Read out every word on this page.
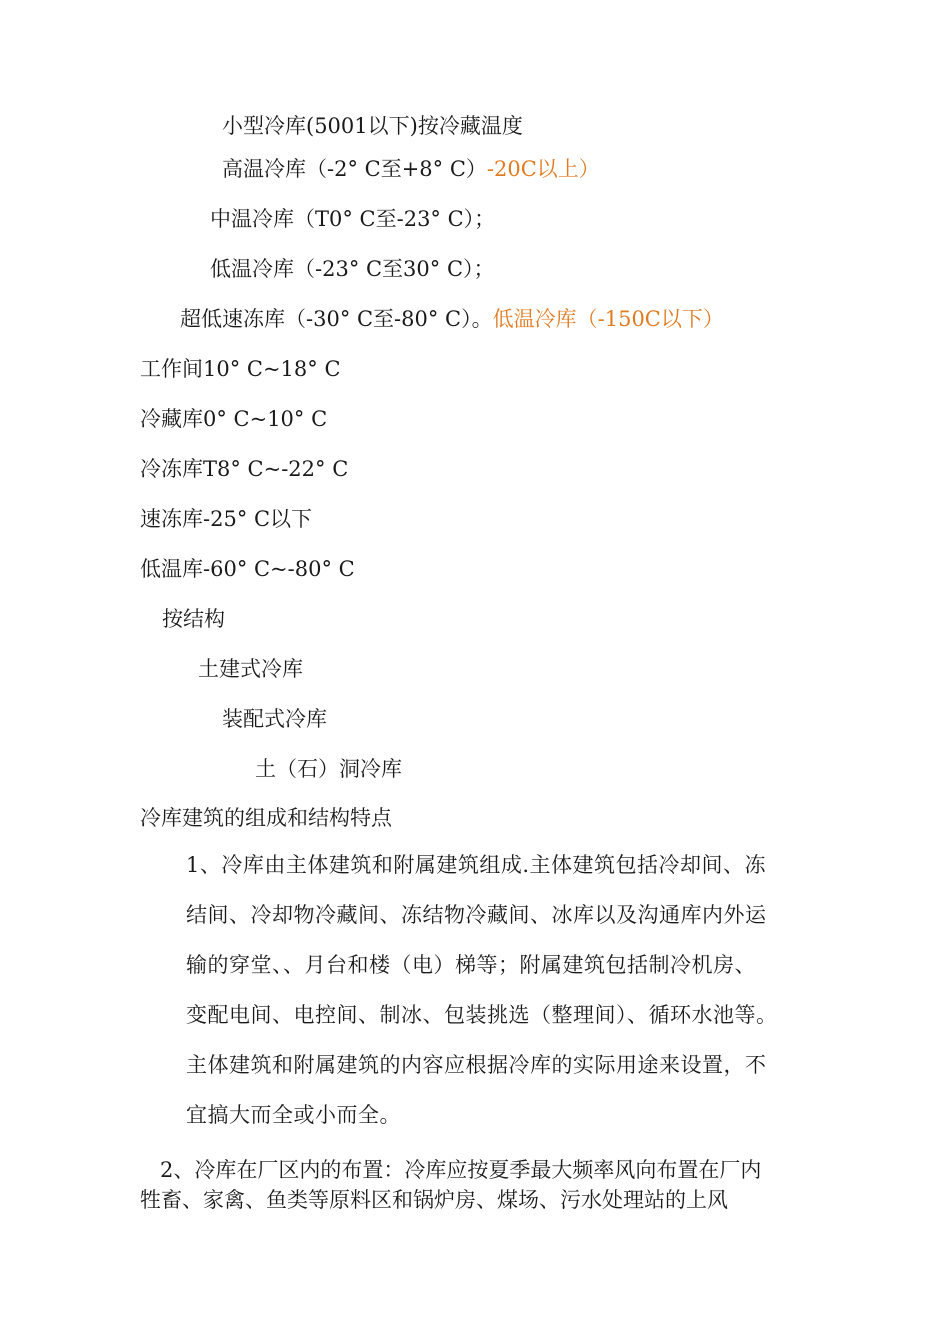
小型冷库(5001以下)按冷藏温度
高温冷库（-2° C至+8° C）-20C以上）
中温冷库（T0° C至-23° C）；
低温冷库（-23° C至30° C）；
超低速冻库（-30° C至-80° C）。低温冷库（-150C以下）
工作间10° C~18° C
冷藏库0° C~10° C
冷冻库T8° C~-22° C
速冻库-25° C以下
低温库-60° C~-80° C
按结构
土建式冷库
装配式冷库
土（石）洞冷库
冷库建筑的组成和结构特点
1、冷库由主体建筑和附属建筑组成.主体建筑包括冷却间、冻
结间、冷却物冷藏间、冻结物冷藏间、冰库以及沟通库内外运
输的穿堂、、月台和楼（电）梯等；附属建筑包括制冷机房、
变配电间、电控间、制冰、包装挑选（整理间）、循环水池等。
主体建筑和附属建筑的内容应根据冷库的实际用途来设置，不
宜搞大而全或小而全。
2、冷库在厂区内的布置：冷库应按夏季最大频率风向布置在厂内
牲畜、家禽、鱼类等原料区和锅炉房、煤场、污水处理站的上风
